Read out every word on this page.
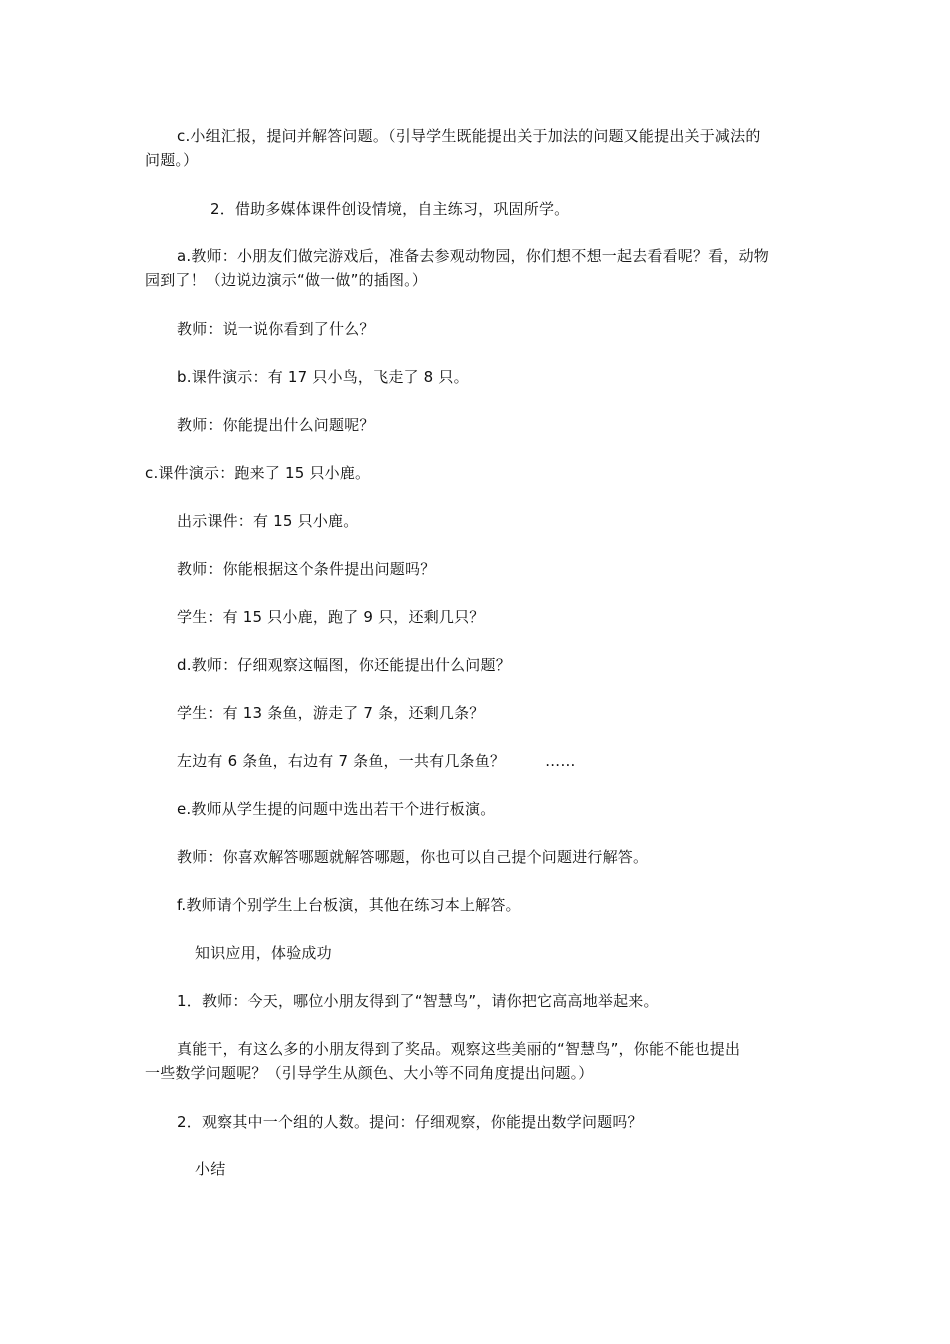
c.小组汇报，提问并解答问题。（引导学生既能提出关于加法的问题又能提出关于减法的
问题。）
2．借助多媒体课件创设情境，自主练习，巩固所学。
a.教师：小朋友们做完游戏后，准备去参观动物园，你们想不想一起去看看呢？看，动物
园到了！（边说边演示“做一做”的插图。）
教师：说一说你看到了什么？
b.课件演示：有 17 只小鸟，飞走了 8 只。
教师：你能提出什么问题呢？
c.课件演示：跑来了 15 只小鹿。
出示课件：有 15 只小鹿。
教师：你能根据这个条件提出问题吗？
学生：有 15 只小鹿，跑了 9 只，还剩几只？
d.教师：仔细观察这幅图，你还能提出什么问题？
学生：有 13 条鱼，游走了 7 条，还剩几条？
左边有 6 条鱼，右边有 7 条鱼，一共有几条鱼？	……
e.教师从学生提的问题中选出若干个进行板演。
教师：你喜欢解答哪题就解答哪题，你也可以自己提个问题进行解答。
f.教师请个别学生上台板演，其他在练习本上解答。
知识应用，体验成功
1．教师：今天，哪位小朋友得到了“智慧鸟”，请你把它高高地举起来。
真能干，有这么多的小朋友得到了奖品。观察这些美丽的“智慧鸟”，你能不能也提出
一些数学问题呢？（引导学生从颜色、大小等不同角度提出问题。）
2．观察其中一个组的人数。提问：仔细观察，你能提出数学问题吗？
小结
